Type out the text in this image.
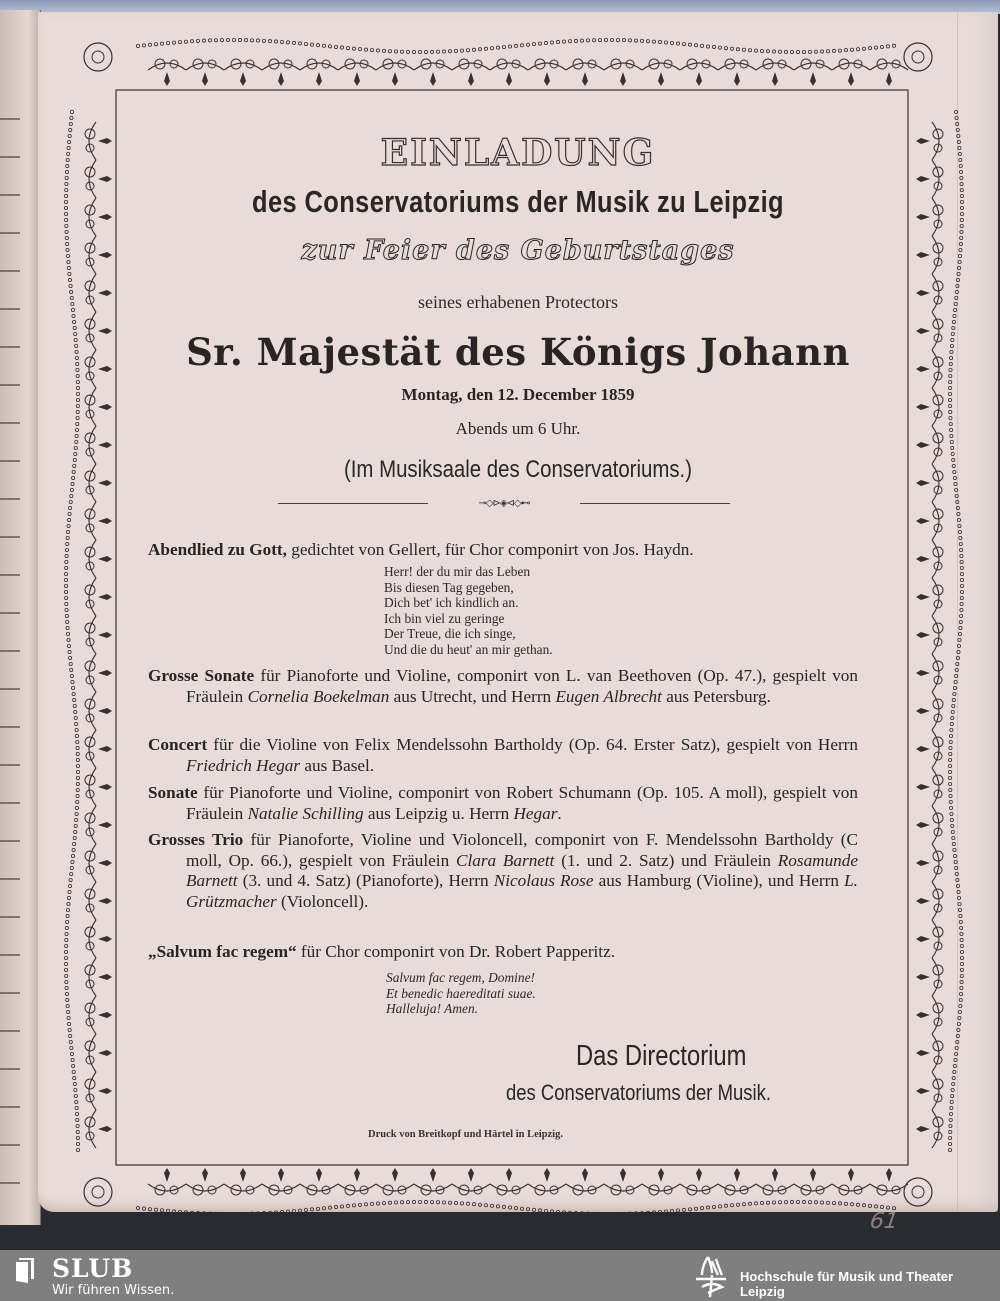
EINLADUNG
des Conservatoriums der Musik zu Leipzig
zur Feier des Geburtstages
seines erhabenen Protectors
Sr. Majestät des Königs Johann
Montag, den 12. December 1859
Abends um 6 Uhr.
(Im Musiksaale des Conservatoriums.)
⊸◇⊳◈⊲◇⊷
Abendlied zu Gott, gedichtet von Gellert, für Chor componirt von Jos. Haydn.
Herr! der du mir das Leben
Bis diesen Tag gegeben,
Dich bet' ich kindlich an.
Ich bin viel zu geringe
Der Treue, die ich singe,
Und die du heut' an mir gethan.
Grosse Sonate für Pianoforte und Violine, componirt von L. van Beethoven (Op. 47.), gespielt von Fräulein Cornelia Boekelman aus Utrecht, und Herrn Eugen Albrecht aus Petersburg.
Concert für die Violine von Felix Mendelssohn Bartholdy (Op. 64. Erster Satz), gespielt von Herrn Friedrich Hegar aus Basel.
Sonate für Pianoforte und Violine, componirt von Robert Schumann (Op. 105. A moll), gespielt von Fräulein Natalie Schilling aus Leipzig u. Herrn Hegar.
Grosses Trio für Pianoforte, Violine und Violoncell, componirt von F. Mendelssohn Bartholdy (C moll, Op. 66.), gespielt von Fräulein Clara Barnett (1. und 2. Satz) und Fräulein Rosamunde Barnett (3. und 4. Satz) (Pianoforte), Herrn Nicolaus Rose aus Hamburg (Violine), und Herrn L. Grützmacher (Violoncell).
„Salvum fac regem“ für Chor componirt von Dr. Robert Papperitz.
Salvum fac regem, Domine!
Et benedic haereditati suae.
Halleluja! Amen.
Das Directorium
des Conservatoriums der Musik.
Druck von Breitkopf und Härtel in Leipzig.
61
SLUB
Wir führen Wissen.
Hochschule für Musik und Theater Leipzig
